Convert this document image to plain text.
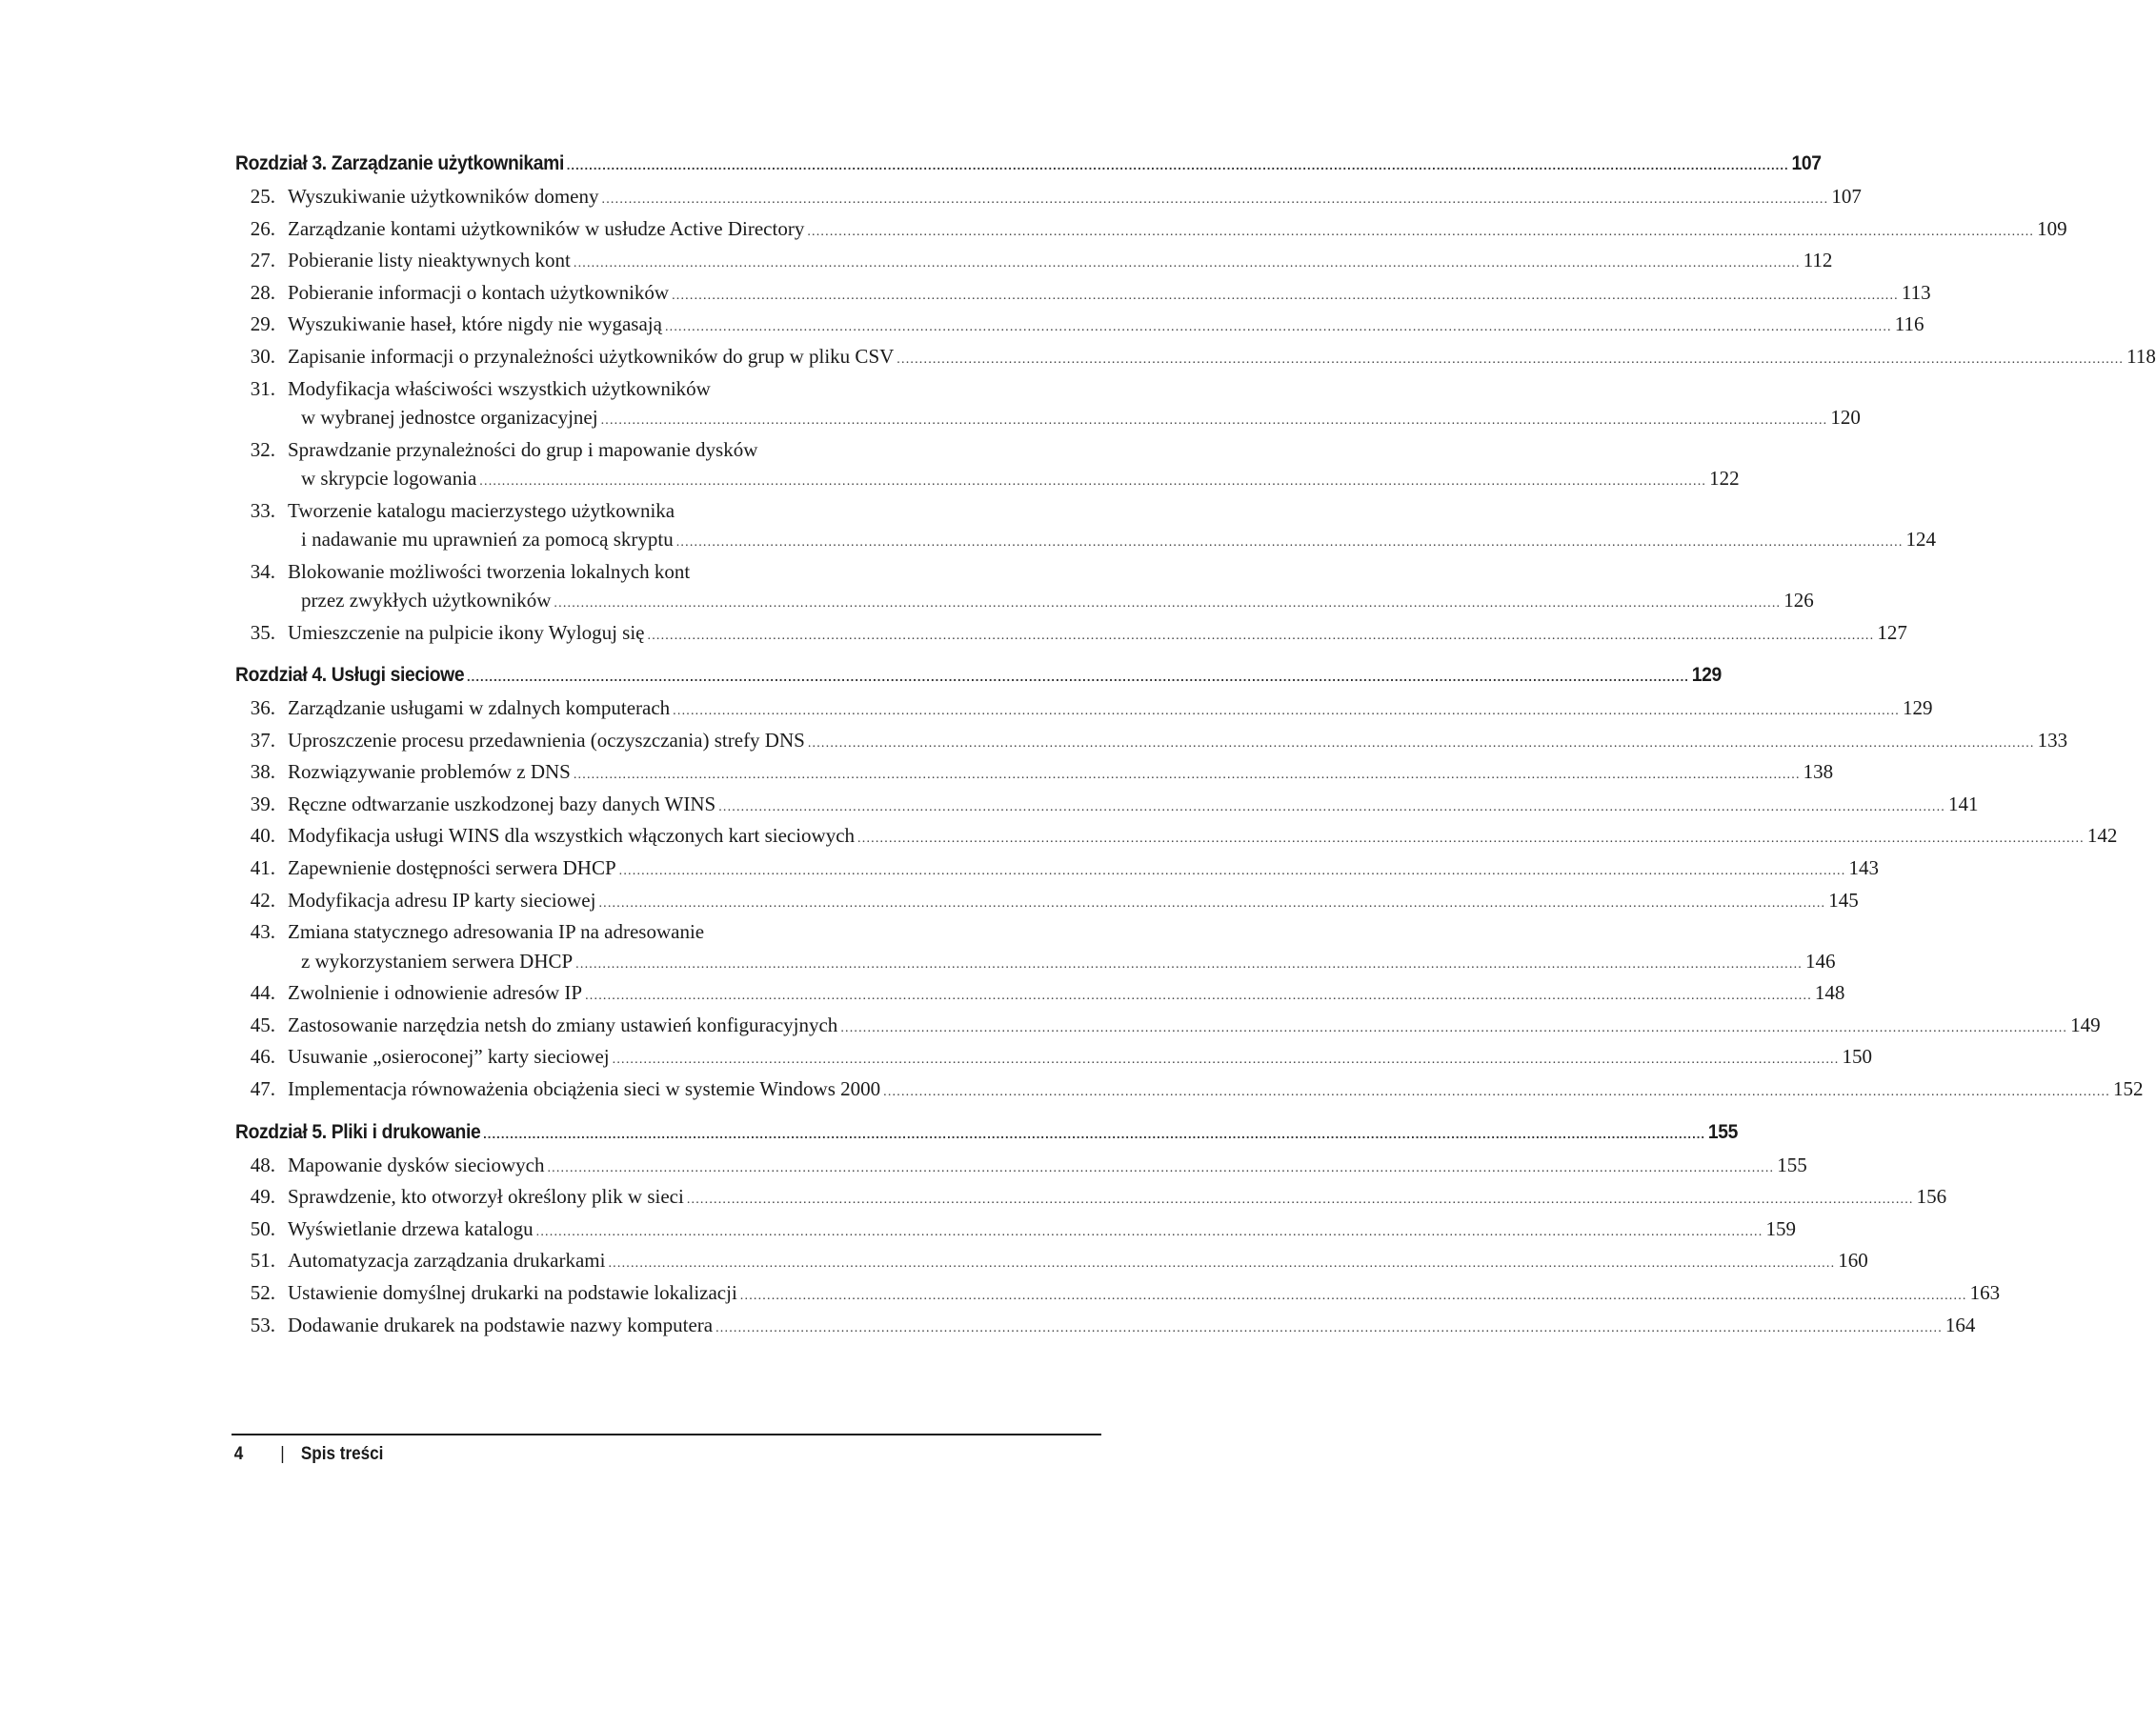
Rozdział 3. Zarządzanie użytkownikami .....	107
25. Wyszukiwanie użytkowników domeny .....	107
26. Zarządzanie kontami użytkowników w usłudze Active Directory .....	109
27. Pobieranie listy nieaktywnych kont .....	112
28. Pobieranie informacji o kontach użytkowników .....	113
29. Wyszukiwanie haseł, które nigdy nie wygasają .....	116
30. Zapisanie informacji o przynależności użytkowników do grup w pliku CSV .....	118
31. Modyfikacja właściwości wszystkich użytkowników
w wybranej jednostce organizacyjnej .....	120
32. Sprawdzanie przynależności do grup i mapowanie dysków
w skrypcie logowania .....	122
33. Tworzenie katalogu macierzystego użytkownika
i nadawanie mu uprawnień za pomocą skryptu .....	124
34. Blokowanie możliwości tworzenia lokalnych kont
przez zwykłych użytkowników .....	126
35. Umieszczenie na pulpicie ikony Wyloguj się .....	127
Rozdział 4. Usługi sieciowe .....	129
36. Zarządzanie usługami w zdalnych komputerach .....	129
37. Uproszczenie procesu przedawnienia (oczyszczania) strefy DNS .....	133
38. Rozwiązywanie problemów z DNS .....	138
39. Ręczne odtwarzanie uszkodzonej bazy danych WINS .....	141
40. Modyfikacja usługi WINS dla wszystkich włączonych kart sieciowych .....	142
41. Zapewnienie dostępności serwera DHCP .....	143
42. Modyfikacja adresu IP karty sieciowej .....	145
43. Zmiana statycznego adresowania IP na adresowanie
z wykorzystaniem serwera DHCP .....	146
44. Zwolnienie i odnowienie adresów IP .....	148
45. Zastosowanie narzędzia netsh do zmiany ustawień konfiguracyjnych .....	149
46. Usuwanie „osieroconej” karty sieciowej .....	150
47. Implementacja równoważenia obciążenia sieci w systemie Windows 2000 .....	152
Rozdział 5. Pliki i drukowanie .....	155
48. Mapowanie dysków sieciowych .....	155
49. Sprawdzenie, kto otworzył określony plik w sieci .....	156
50. Wyświetlanie drzewa katalogu .....	159
51. Automatyzacja zarządzania drukarkami .....	160
52. Ustawienie domyślnej drukarki na podstawie lokalizacji .....	163
53. Dodawanie drukarek na podstawie nazwy komputera .....	164
4	| Spis treści
